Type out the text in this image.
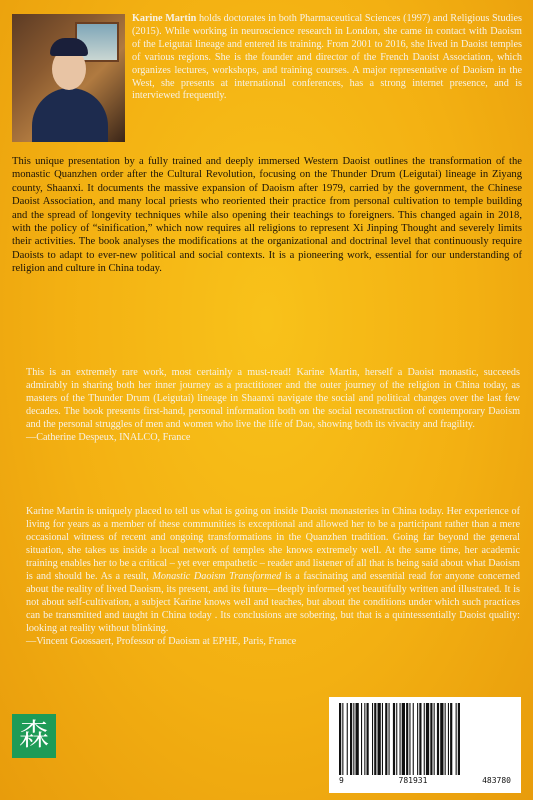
Karine Martin holds doctorates in both Pharmaceutical Sciences (1997) and Religious Studies (2015). While working in neuroscience research in London, she came in contact with Daoism of the Leigutai lineage and entered its training. From 2001 to 2016, she lived in Daoist temples of various regions. She is the founder and director of the French Daoist Association, which organizes lectures, workshops, and training courses. A major representative of Daoism in the West, she presents at international conferences, has a strong internet presence, and is interviewed frequently.

This unique presentation by a fully trained and deeply immersed Western Daoist outlines the transformation of the monastic Quanzhen order after the Cultural Revolution, focusing on the Thunder Drum (Leigutai) lineage in Ziyang county, Shaanxi. It documents the massive expansion of Daoism after 1979, carried by the government, the Chinese Daoist Association, and many local priests who reoriented their practice from personal cultivation to temple building and the spread of longevity techniques while also opening their teachings to foreigners. This changed again in 2018, with the policy of “sinification,” which now requires all religions to represent Xi Jinping Thought and severely limits their activities. The book analyses the modifications at the organizational and doctrinal level that continuously require Daoists to adapt to ever-new political and social contexts. It is a pioneering work, essential for our understanding of religion and culture in China today.

This is an extremely rare work, most certainly a must-read! Karine Martin, herself a Daoist monastic, succeeds admirably in sharing both her inner journey as a practitioner and the outer journey of the religion in China today, as masters of the Thunder Drum (Leigutai) lineage in Shaanxi navigate the social and political changes over the last few decades. The book presents first-hand, personal information both on the social reconstruction of contemporary Daoism and the personal struggles of men and women who live the life of Dao, showing both its vivacity and fragility.
—Catherine Despeux, INALCO, France

Karine Martin is uniquely placed to tell us what is going on inside Daoist monasteries in China today. Her experience of living for years as a member of these communities is exceptional and allowed her to be a participant rather than a mere occasional witness of recent and ongoing transformations in the Quanzhen tradition. Going far beyond the general situation, she takes us inside a local network of temples she knows extremely well. At the same time, her academic training enables her to be a critical – yet ever empathetic – reader and listener of all that is being said about what Daoism is and should be. As a result, Monastic Daoism Transformed is a fascinating and essential read for anyone concerned about the reality of lived Daoism, its present, and its future—deeply informed yet beautifully written and illustrated. It is not about self-cultivation, a subject Karine knows well and teaches, but about the conditions under which such practices can be transmitted and taught in China today . Its conclusions are sobering, but that is a quintessentially Daoist quality: looking at reality without blinking.
—Vincent Goossaert, Professor of Daoism at EPHE, Paris, France

森
9	781931	483780
